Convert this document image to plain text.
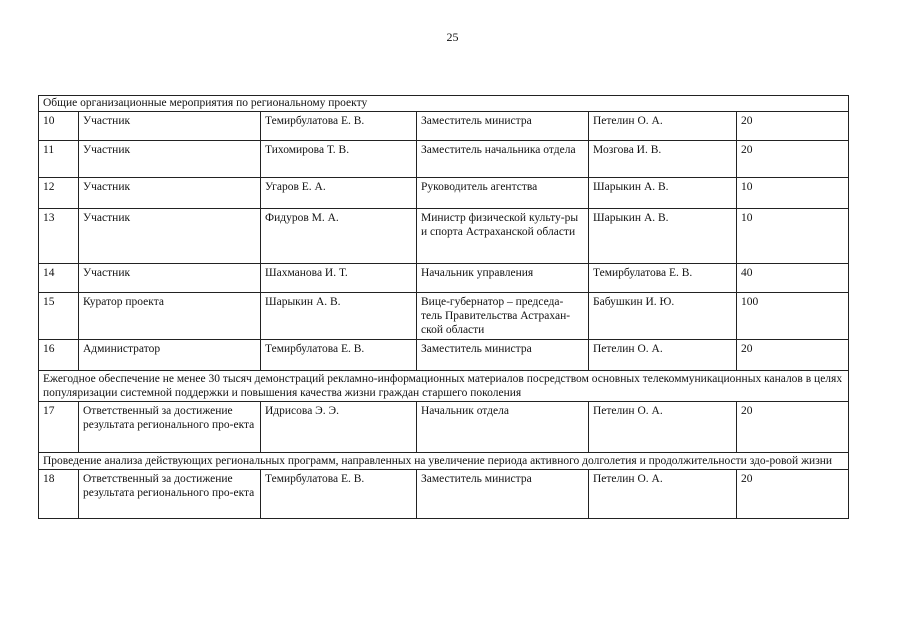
25
Общие организационные мероприятия по региональному проекту					
10	Участник	Темирбулатова Е. В.	Заместитель министра	Петелин О. А.	20
11	Участник	Тихомирова Т. В.	Заместитель начальника отдела	Мозгова И. В.	20
12	Участник	Угаров Е. А.	Руководитель агентства	Шарыкин А. В.	10
13	Участник	Фидуров М. А.	Министр физической культу-ры и спорта Астраханской области	Шарыкин А. В.	10
14	Участник	Шахманова И. Т.	Начальник управления	Темирбулатова Е. В.	40
15	Куратор проекта	Шарыкин А. В.	Вице-губернатор – председа-тель Правительства Астрахан-ской области	Бабушкин И. Ю.	100
16	Администратор	Темирбулатова Е. В.	Заместитель министра	Петелин О. А.	20
Ежегодное обеспечение не менее 30 тысяч демонстраций рекламно-информационных материалов посредством основных телекоммуникационных каналов в целях популяризации системной поддержки и повышения качества жизни граждан старшего поколения					
17	Ответственный за достижение результата регионального про-екта	Идрисова Э. Э.	Начальник отдела	Петелин О. А.	20
Проведение анализа действующих региональных программ, направленных на увеличение периода активного долголетия и продолжительности здо-ровой жизни					
18	Ответственный за достижение результата регионального про-екта	Темирбулатова Е. В.	Заместитель министра	Петелин О. А.	20
